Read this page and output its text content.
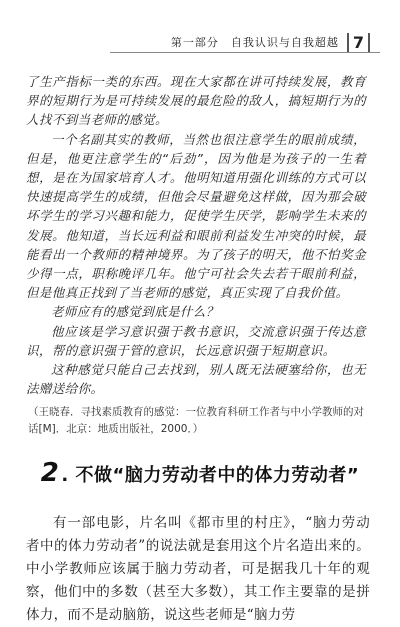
第一部分 自我认识与自我超越 7

了生产指标一类的东西。现在大家都在讲可持续发展，教育界的短期行为是可持续发展的最危险的敌人，搞短期行为的人找不到当老师的感觉。

一个名副其实的教师，当然也很注意学生的眼前成绩，但是，他更注意学生的“后劲”，因为他是为孩子的一生着想，是在为国家培育人才。他明知道用强化训练的方式可以快速提高学生的成绩，但他会尽量避免这样做，因为那会破坏学生的学习兴趣和能力，促使学生厌学，影响学生未来的发展。他知道，当长远利益和眼前利益发生冲突的时候，最能看出一个教师的精神境界。为了孩子的明天，他不怕奖金少得一点，职称晚评几年。他宁可社会失去若干眼前利益，但是他真正找到了当老师的感觉，真正实现了自我价值。

老师应有的感觉到底是什么？

他应该是学习意识强于教书意识，交流意识强于传达意识，帮的意识强于管的意识，长远意识强于短期意识。

这种感觉只能自己去找到，别人既无法硬塞给你，也无法赠送给你。

（王晓春．寻找素质教育的感觉：一位教育科研工作者与中小学教师的对话[M]．北京：地质出版社，2000．）
2 . 不做“脑力劳动者中的体力劳动者”

有一部电影，片名叫《都市里的村庄》，“脑力劳动者中的体力劳动者”的说法就是套用这个片名造出来的。中小学教师应该属于脑力劳动者，可是据我几十年的观察，他们中的多数（甚至大多数），其工作主要靠的是拼体力，而不是动脑筋，说这些老师是“脑力劳
